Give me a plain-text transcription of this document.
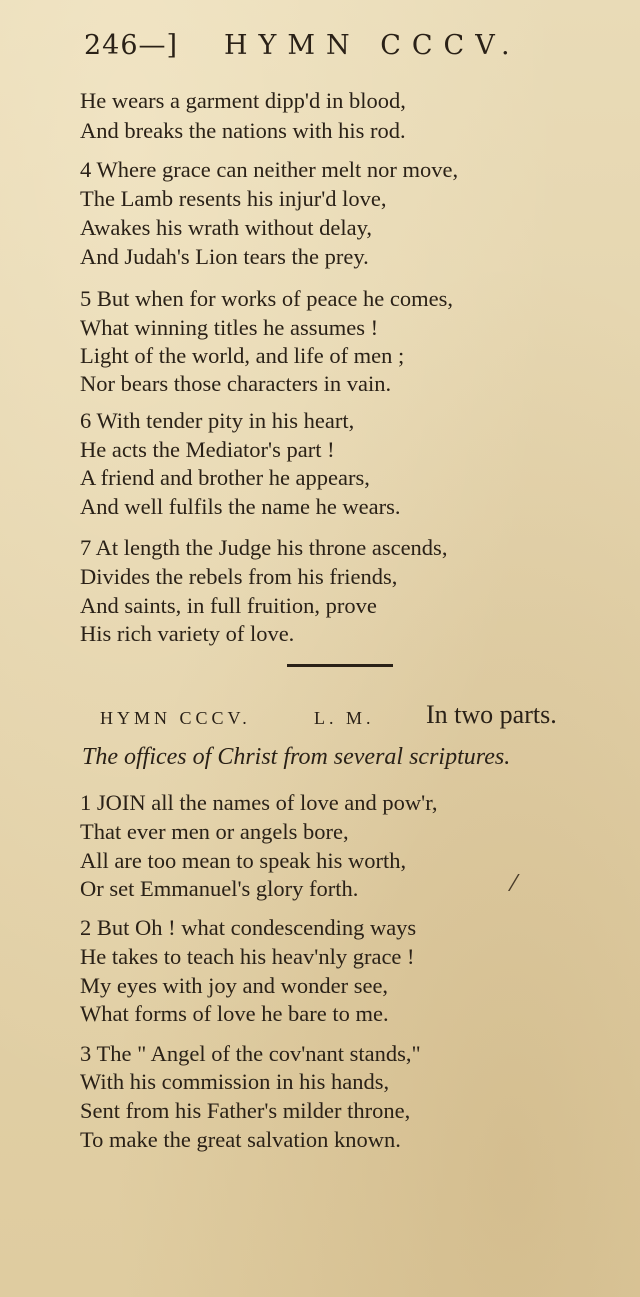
246—] HYMN CCCV.
He wears a garment dipp'd in blood,
And breaks the nations with his rod.
4 Where grace can neither melt nor move,
The Lamb resents his injur'd love,
Awakes his wrath without delay,
And Judah's Lion tears the prey.
5 But when for works of peace he comes,
What winning titles he assumes !
Light of the world, and life of men ;
Nor bears those characters in vain.
6 With tender pity in his heart,
He acts the Mediator's part !
A friend and brother he appears,
And well fulfils the name he wears.
7 At length the Judge his throne ascends,
Divides the rebels from his friends,
And saints, in full fruition, prove
His rich variety of love.
HYMN CCCV.	L. M. In two parts.
The offices of Christ from several scriptures.
1 JOIN all the names of love and pow'r,
That ever men or angels bore,
All are too mean to speak his worth,
Or set Emmanuel's glory forth.	⁄
2 But Oh ! what condescending ways
He takes to teach his heav'nly grace !
My eyes with joy and wonder see,
What forms of love he bare to me.
3 The " Angel of the cov'nant stands,"
With his commission in his hands,
Sent from his Father's milder throne,
To make the great salvation known.
